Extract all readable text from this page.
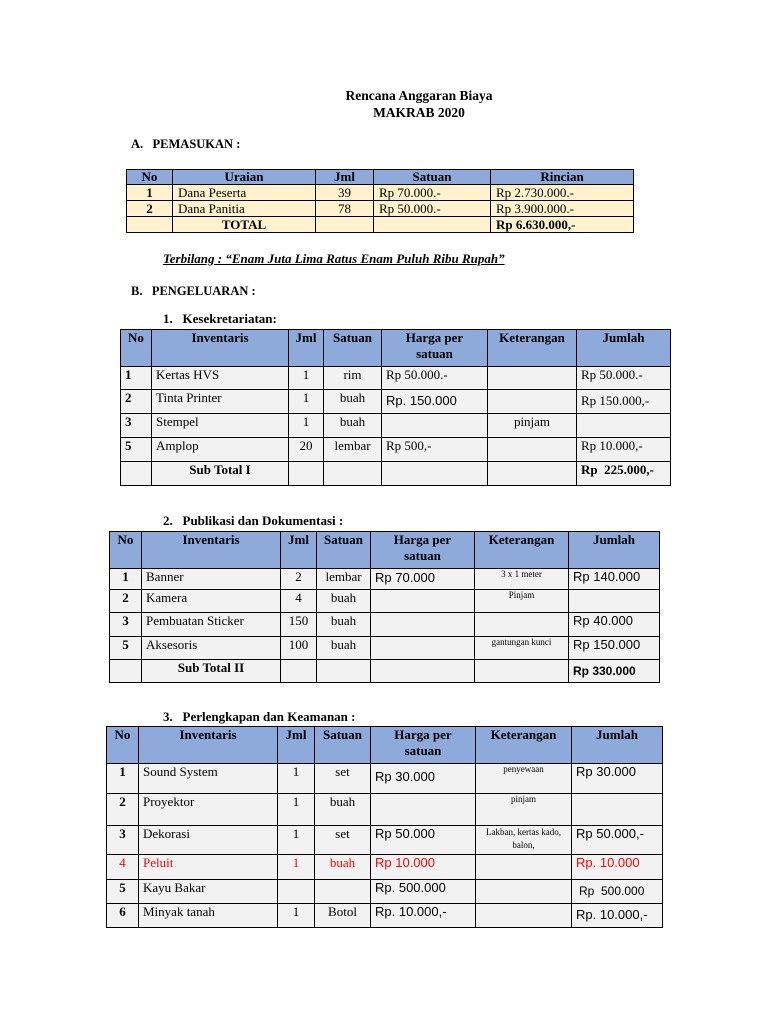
Rencana Anggaran Biaya
MAKRAB 2020
A.   PEMASUKAN :
No	Uraian	Jml	Satuan	Rincian
1	Dana Peserta	39	Rp 70.000.-	Rp 2.730.000.-
2	Dana Panitia	78	Rp 50.000.-	Rp 3.900.000.-
	TOTAL			Rp 6.630.000,-
Terbilang : “Enam Juta Lima Ratus Enam Puluh Ribu Rupah”
B.   PENGELUARAN :
1.   Kesekretariatan:
No	Inventaris	Jml	Satuan	Harga per satuan	Keterangan	Jumlah
1	Kertas HVS	1	rim	Rp 50.000.-		Rp 50.000.-
2	Tinta Printer	1	buah	Rp. 150.000		Rp 150.000,-
3	Stempel	1	buah		pinjam	
5	Amplop	20	lembar	Rp 500,-		Rp 10.000,-
	Sub Total I					Rp  225.000,-
2.   Publikasi dan Dokumentasi :
No	Inventaris	Jml	Satuan	Harga per satuan	Keterangan	Jumlah
1	Banner	2	lembar	Rp 70.000	3 x 1 meter	Rp 140.000
2	Kamera	4	buah		Pinjam	
3	Pembuatan Sticker	150	buah			Rp 40.000
5	Aksesoris	100	buah		gantungan kunci	Rp 150.000
	Sub Total II					Rp 330.000
3.   Perlengkapan dan Keamanan :
No	Inventaris	Jml	Satuan	Harga per satuan	Keterangan	Jumlah
1	Sound System	1	set	Rp 30.000	penyewaan	Rp 30.000
2	Proyektor	1	buah		pinjam	
3	Dekorasi	1	set	Rp 50.000	Lakban, kertas kado, balon,	Rp 50.000,-
4	Peluit	1	buah	Rp 10.000		Rp. 10.000
5	Kayu Bakar			Rp. 500.000		Rp  500.000
6	Minyak tanah	1	Botol	Rp. 10.000,-		Rp. 10.000,-
